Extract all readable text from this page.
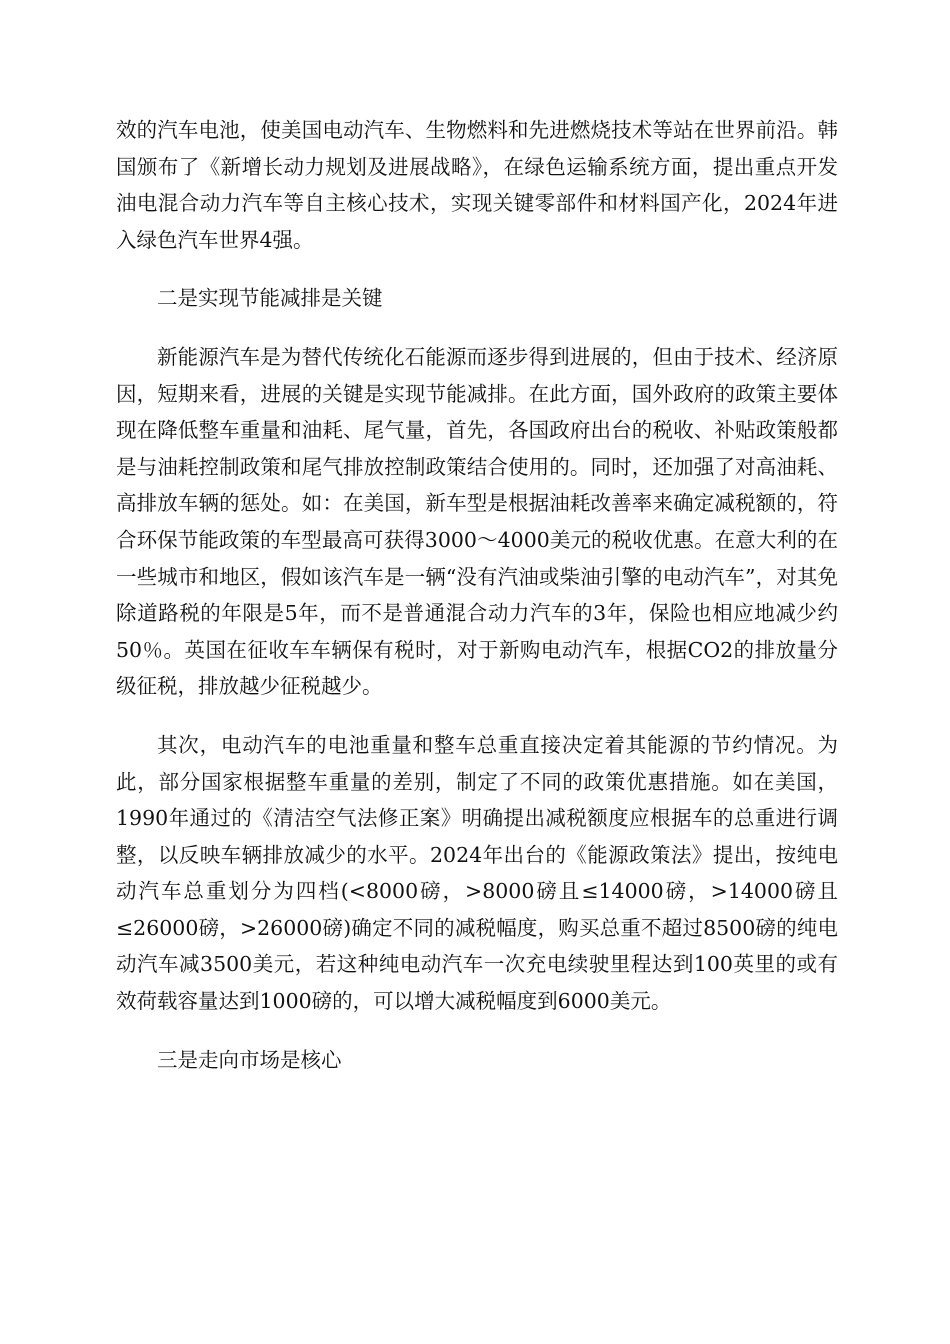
效的汽车电池，使美国电动汽车、生物燃料和先进燃烧技术等站在世界前沿。韩国颁布了《新增长动力规划及进展战略》，在绿色运输系统方面，提出重点开发油电混合动力汽车等自主核心技术，实现关键零部件和材料国产化，2024年进入绿色汽车世界4强。

二是实现节能减排是关键

新能源汽车是为替代传统化石能源而逐步得到进展的，但由于技术、经济原因，短期来看，进展的关键是实现节能减排。在此方面，国外政府的政策主要体现在降低整车重量和油耗、尾气量，首先，各国政府出台的税收、补贴政策般都是与油耗控制政策和尾气排放控制政策结合使用的。同时，还加强了对高油耗、高排放车辆的惩处。如：在美国，新车型是根据油耗改善率来确定减税额的，符合环保节能政策的车型最高可获得3000～4000美元的税收优惠。在意大利的在一些城市和地区，假如该汽车是一辆“没有汽油或柴油引擎的电动汽车”，对其免除道路税的年限是5年，而不是普通混合动力汽车的3年，保险也相应地减少约50％。英国在征收车车辆保有税时，对于新购电动汽车，根据CO2的排放量分级征税，排放越少征税越少。

其次，电动汽车的电池重量和整车总重直接决定着其能源的节约情况。为此，部分国家根据整车重量的差别，制定了不同的政策优惠措施。如在美国，1990年通过的《清洁空气法修正案》明确提出减税额度应根据车的总重进行调整，以反映车辆排放减少的水平。2024年出台的《能源政策法》提出，按纯电动汽车总重划分为四档(<8000磅，>8000磅且≤14000磅，>14000磅且≤26000磅，>26000磅)确定不同的减税幅度，购买总重不超过8500磅的纯电动汽车减3500美元，若这种纯电动汽车一次充电续驶里程达到100英里的或有效荷载容量达到1000磅的，可以增大减税幅度到6000美元。

三是走向市场是核心
